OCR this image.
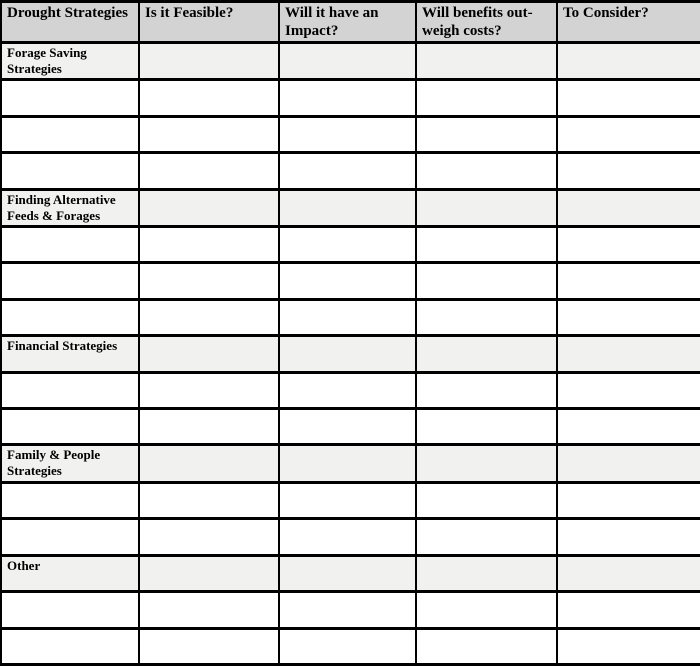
Drought Strategies	Is it Feasible?	Will it have an Impact?	Will benefits out-weigh costs?	To Consider?
Forage Saving Strategies				

Finding Alternative Feeds & Forages				

Financial Strategies				

Family & People Strategies				

Other				
